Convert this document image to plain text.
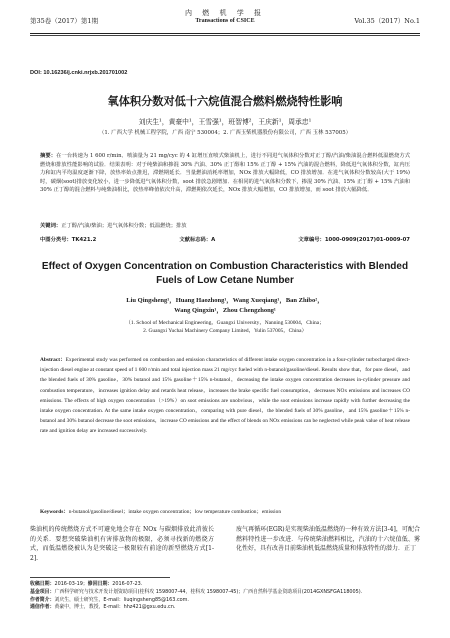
第35卷（2017）第1期
内 燃 机 学 报
Transactions of CSICE	Vol.35（2017）No.1
DOI: 10.16236/j.cnki.nrjxb.201701002
氧体积分数对低十六烷值混合燃料燃烧特性影响
刘庆生¹，黄豪中¹，王雪强¹，班智博²，王庆新¹，周承忠¹
（1. 广西大学 机械工程学院，广西 南宁 530004；2. 广西玉柴机器股份有限公司，广西 玉林 537005）
摘要：在一台转速为 1 600 r/min、喷油量为 21 mg/cyc 的 4 缸增压直喷式柴油机上，进行不同进气氧体积分数对正丁醇/汽油/柴油混合燃料低温燃烧方式燃烧和排放性能影响的试验．结果表明：对于纯柴油和掺混 30% 汽油、30% 正丁醇和 15% 正丁醇 + 15% 汽油的混合燃料，降低进气氧体积分数，缸内压力和缸内平均温度逐渐下降，放热率始点推迟，滞燃期延长．当量燃油消耗率增加，NOx 排放大幅降低，CO 排放增加．在进气氧体积分数较高(大于 19%)时，碳烟(soot)排放变化较小，进一步降低进气氧体积分数，soot 排放急剧增加．在相同的进气氧体积分数下，掺混 30% 汽油、15% 正丁醇 + 15% 汽油和 30% 正丁醇的混合燃料与纯柴油相比，放热率峰值依次升高，滞燃期依次延长，NOx 排放大幅增加，CO 排放增加，而 soot 排放大幅降低．
关键词：正丁醇/汽油/柴油；进气氧体积分数；低温燃烧；排放
中图分类号：TK421.2	文献标志码：A	文章编号：1000-0909(2017)01-0009-07
Effect of Oxygen Concentration on Combustion Characteristics with Blended Fuels of Low Cetane Number
Liu Qingsheng¹，Huang Haozhong¹，Wang Xueqiang¹，Ban Zhibo²，
Wang Qingxin¹，Zhou Chengzhong¹
（1. School of Mechanical Engineering，Guangxi University，Nanning 530004，China；
2. Guangxi Yuchai Machinery Company Limited，Yulin 537005，China）
Abstract：Experimental study was performed on combustion and emission characteristics of different intake oxygen concentration in a four-cylinder turbocharged direct-injection diesel engine at constant speed of 1 600 r/min and total injection mass 21 mg/cyc fueled with n-butanol/gasoline/diesel. Results show that，for pure diesel，and the blended fuels of 30% gasoline，30% butanol and 15% gasoline＋15% n-butanol，decreasing the intake oxygen concentration decreases in-cylinder pressure and combustion temperature，increases ignition delay and retards heat release，increases the brake specific fuel consumption，decreases NOx emissions and increases CO emissions. The effects of high oxygen concentration（>19%）on soot emissions are unobvious，while the soot emissions increase rapidly with further decreasing the intake oxygen concentration. At the same intake oxygen concentration，comparing with pure diesel，the blended fuels of 30% gasoline，and 15% gasoline＋15% n-butanol and 30% butanol decrease the soot emissions，increase CO emissions and the effect of blends on NOx emissions can be neglected while peak value of heat release rate and ignition delay are increased successively.
Keywords：n-butanol/gasoline/diesel；intake oxygen concentration；low temperature combustion；emission
柴油机的传统燃烧方式不可避免地会存在 NOx 与碳烟排放此消彼长的关系．要想突破柴油机有害排放物的极限，必须寻找新的燃烧方式，而低温燃烧被认为是突破这一极限较有前途的新型燃烧方式[1-2].
废气再循环(EGR)是实现柴油低温燃烧的一种有效方法[3-4]，可配合燃料特性进一步改进．与传统柴油燃料相比，汽油的十六烷值低、雾化性好，具有改善目前柴油机低温燃烧质量和排放特性的潜力．正丁
收稿日期：2016-03-19；修回日期：2016-07-23.
基金项目：广西科学研究与技术开发计划资助项目(桂科攻 1598007-44，桂科攻 1598007-45)；广西自然科学基金资助项目(2014GXNSFGA118005).
作者简介：刘庆生，硕士研究生，E-mail：liuqingsheng85@163.com.
通信作者：黄豪中，博士，教授，E-mail：hhz421@gxu.edu.cn.
